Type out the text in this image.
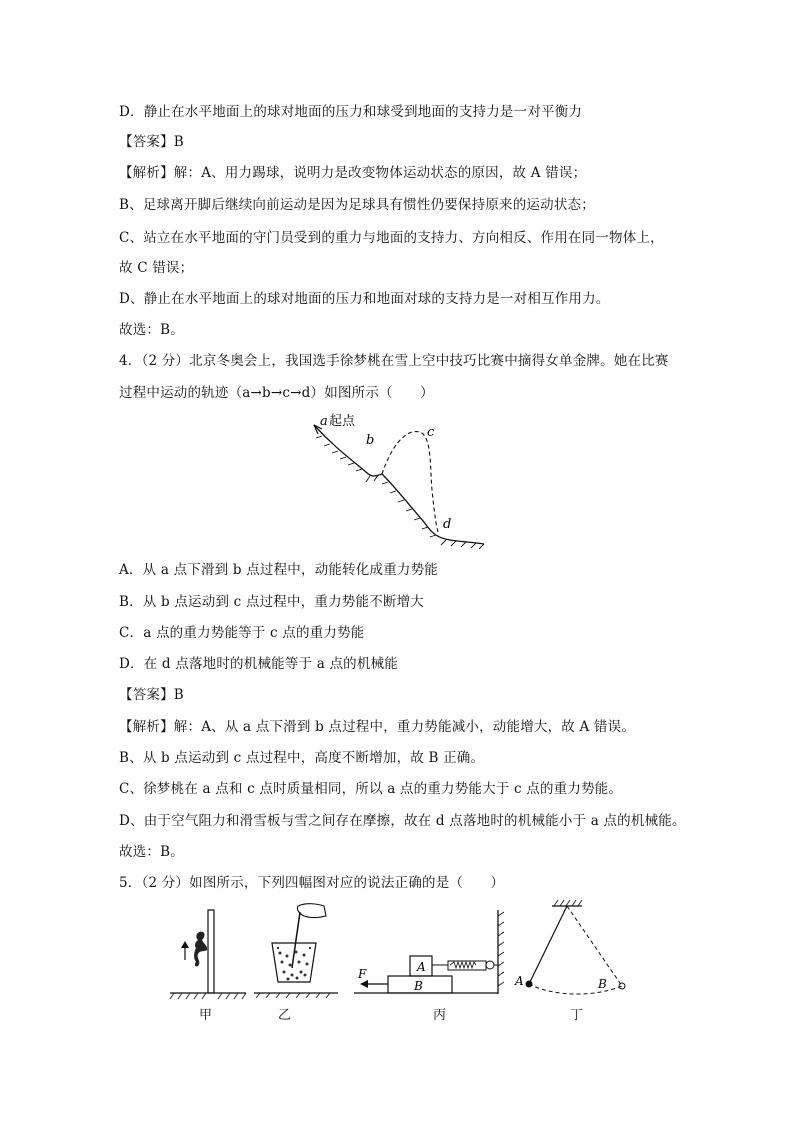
D．静止在水平地面上的球对地面的压力和球受到地面的支持力是一对平衡力
【答案】B
【解析】解：A、用力踢球，说明力是改变物体运动状态的原因，故 A 错误；
B、足球离开脚后继续向前运动是因为足球具有惯性仍要保持原来的运动状态；
C、站立在水平地面的守门员受到的重力与地面的支持力、方向相反、作用在同一物体上，
故 C 错误；
D、静止在水平地面上的球对地面的压力和地面对球的支持力是一对相互作用力。
故选：B。
4．（2 分）北京冬奥会上，我国选手徐梦桃在雪上空中技巧比赛中摘得女单金牌。她在比赛
过程中运动的轨迹（a→b→c→d）如图所示（　　）
a 起点
b
c
d
A．从 a 点下滑到 b 点过程中，动能转化成重力势能
B．从 b 点运动到 c 点过程中，重力势能不断增大
C．a 点的重力势能等于 c 点的重力势能
D．在 d 点落地时的机械能等于 a 点的机械能
【答案】B
【解析】解：A、从 a 点下滑到 b 点过程中，重力势能减小，动能增大，故 A 错误。
B、从 b 点运动到 c 点过程中，高度不断增加，故 B 正确。
C、徐梦桃在 a 点和 c 点时质量相同，所以 a 点的重力势能大于 c 点的重力势能。
D、由于空气阻力和滑雪板与雪之间存在摩擦，故在 d 点落地时的机械能小于 a 点的机械能。
故选：B。
5．（2 分）如图所示，下列四幅图对应的说法正确的是（　　）
甲	乙
F	A
B
丙
A	B
丁
